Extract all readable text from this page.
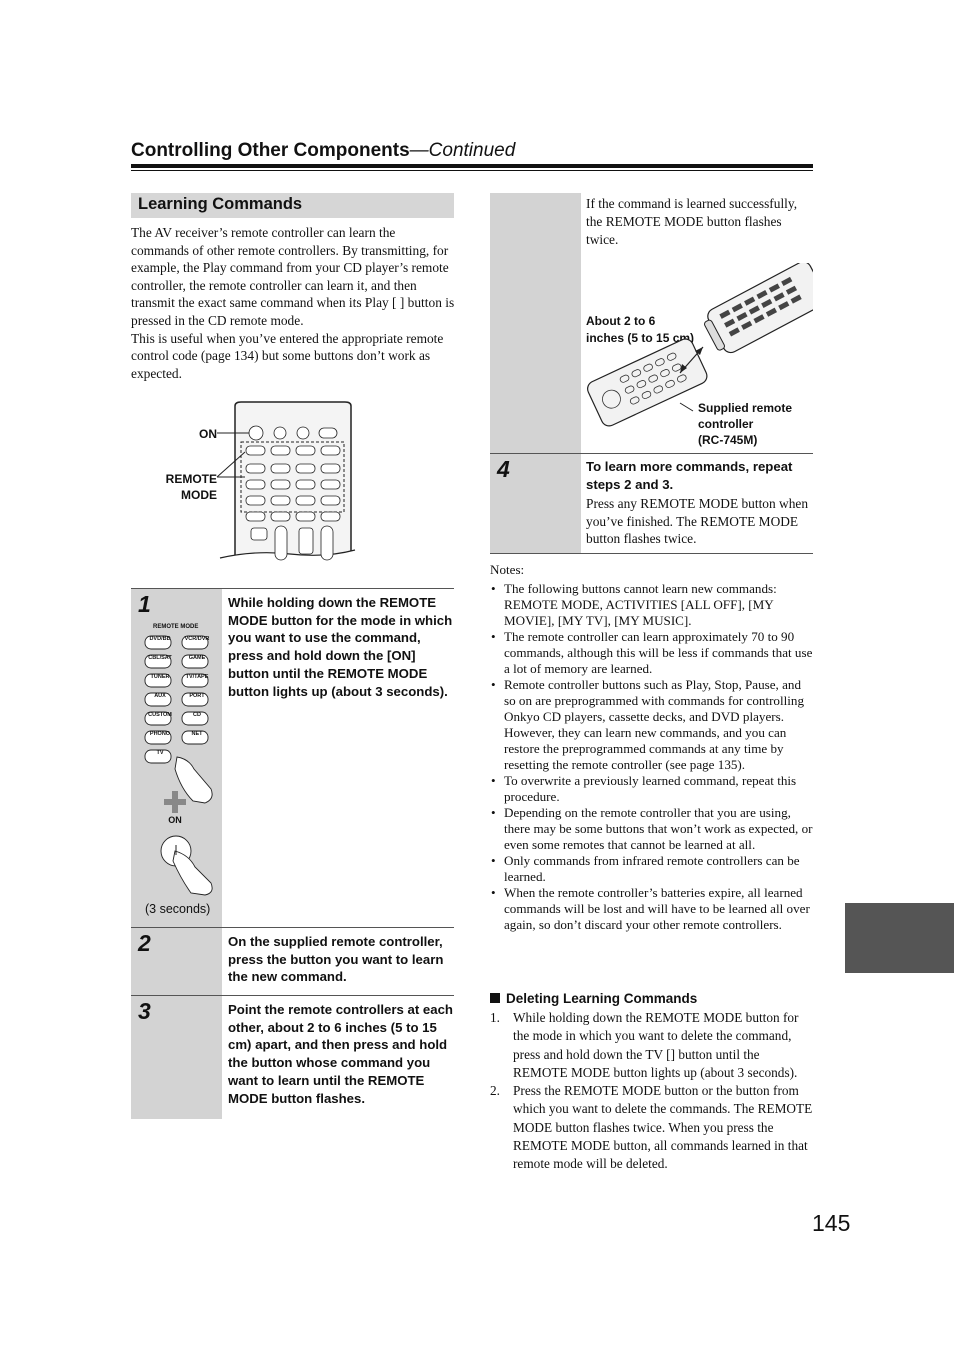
Controlling Other Components—Continued
Learning Commands

The AV receiver’s remote controller can learn the commands of other remote controllers. By transmitting, for example, the Play command from your CD player’s remote controller, the remote controller can learn it, and then transmit the exact same command when its Play [ ] button is pressed in the CD remote mode.

This is useful when you’ve entered the appropriate remote control code (page 134) but some buttons don’t work as expected.

ON
REMOTE
MODE
1	While holding down the REMOTE MODE button for the mode in which you want to use the command, press and hold down the [ON] button until the REMOTE MODE button lights up (about 3 seconds).
REMOTE MODE
DVD/BD	VCR/DVR
CBL/SAT	GAME
TUNER	TV/TAPE
AUX	PORT
CUSTOM	CD
PHONO	NET
TV
ON
(3 seconds)
2	On the supplied remote controller, press the button you want to learn the new command.
3	Point the remote controllers at each other, about 2 to 6 inches (5 to 15 cm) apart, and then press and hold the button whose command you want to learn until the REMOTE MODE button flashes.
If the command is learned successfully, the REMOTE MODE button flashes twice.
About 2 to 6
inches (5 to 15 cm)
Supplied remote
controller
(RC-745M)
4	To learn more commands, repeat steps 2 and 3.
Press any REMOTE MODE button when you’ve finished. The REMOTE MODE button flashes twice.
Notes:
• The following buttons cannot learn new commands: REMOTE MODE, ACTIVITIES [ALL OFF], [MY MOVIE], [MY TV], [MY MUSIC].
• The remote controller can learn approximately 70 to 90 commands, although this will be less if commands that use a lot of memory are learned.
• Remote controller buttons such as Play, Stop, Pause, and so on are preprogrammed with commands for controlling Onkyo CD players, cassette decks, and DVD players. However, they can learn new commands, and you can restore the preprogrammed commands at any time by resetting the remote controller (see page 135).
• To overwrite a previously learned command, repeat this procedure.
• Depending on the remote controller that you are using, there may be some buttons that won’t work as expected, or even some remotes that cannot be learned at all.
• Only commands from infrared remote controllers can be learned.
• When the remote controller’s batteries expire, all learned commands will be lost and will have to be learned all over again, so don’t discard your other remote controllers.
Deleting Learning Commands
1. While holding down the REMOTE MODE button for the mode in which you want to delete the command, press and hold down the TV [] button until the REMOTE MODE button lights up (about 3 seconds).
2. Press the REMOTE MODE button or the button from which you want to delete the commands. The REMOTE MODE button flashes twice. When you press the REMOTE MODE button, all commands learned in that remote mode will be deleted.
145
